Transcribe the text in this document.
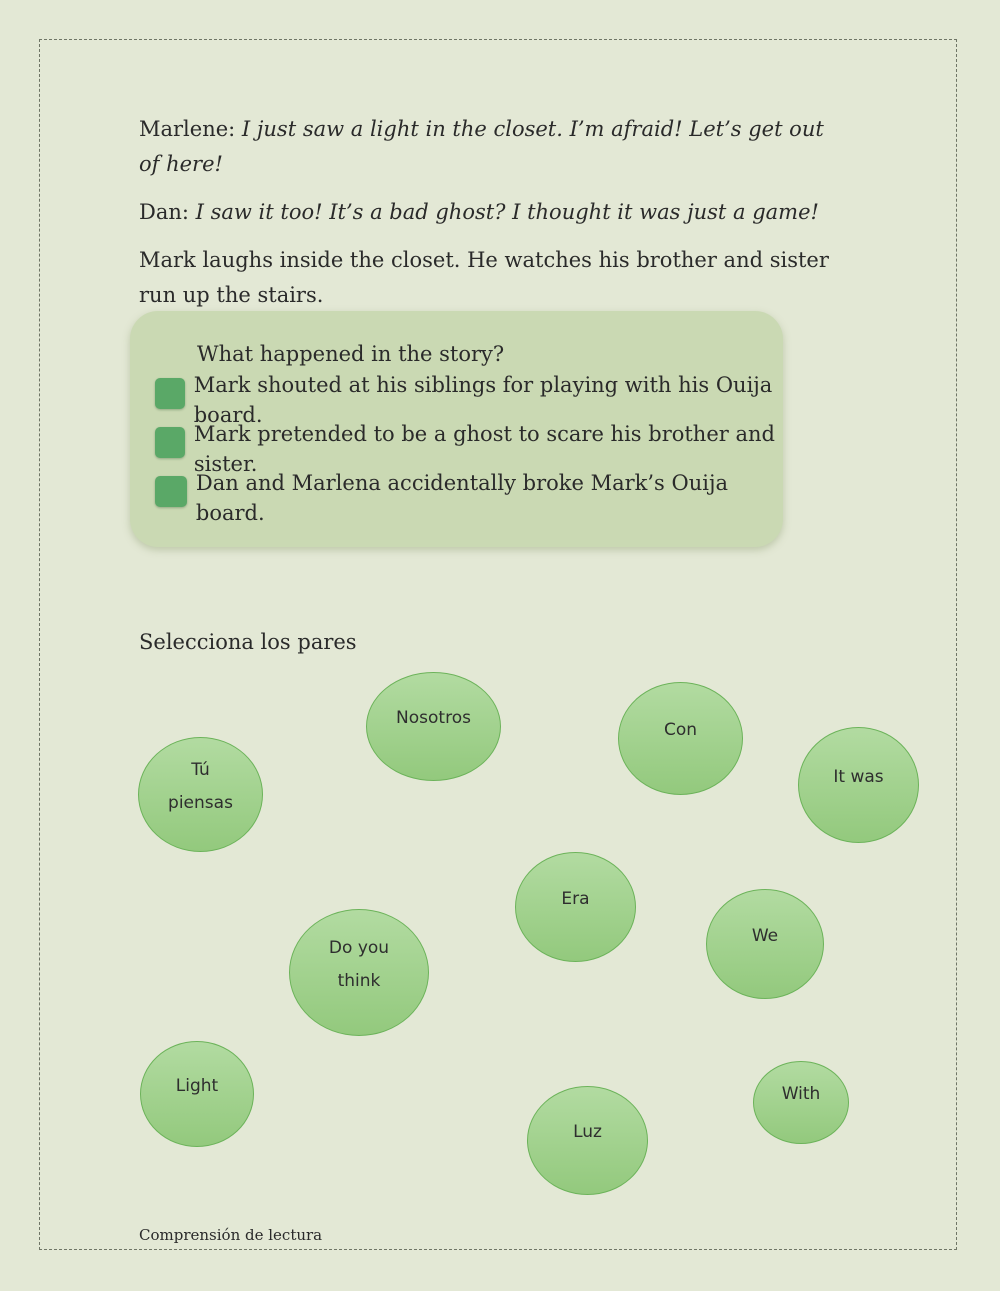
Marlene: I just saw a light in the closet. I’m afraid! Let’s get out of here!

Dan: I saw it too! It’s a bad ghost? I thought it was just a game!

Mark laughs inside the closet. He watches his brother and sister run up the stairs.

What happened in the story?
Mark shouted at his siblings for playing with his Ouija board.
Mark pretended to be a ghost to scare his brother and sister.
Dan and Marlena accidentally broke Mark’s Ouija board.
Selecciona los pares
Nosotros
Con
Tú piensas
It was
Era
We
Do you think
Light
Luz
With
Comprensión de lectura
